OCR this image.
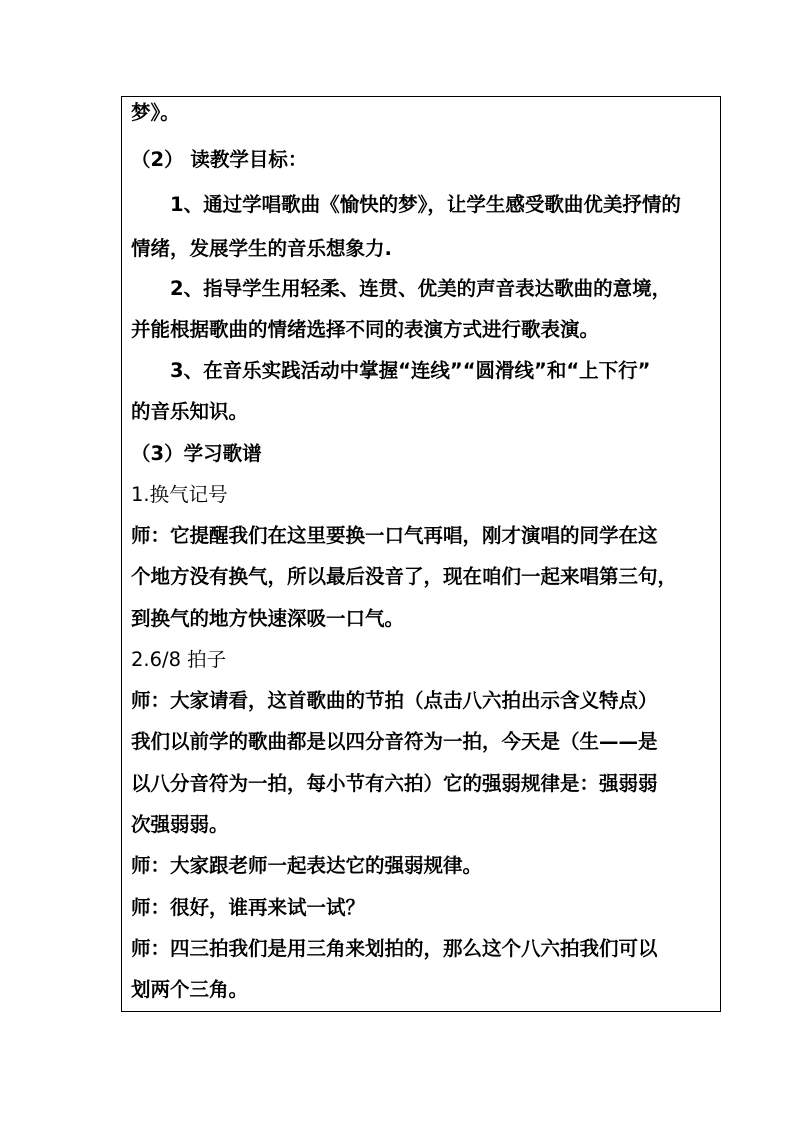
梦》。
（2） 读教学目标：
1、通过学唱歌曲《愉快的梦》，让学生感受歌曲优美抒情的
情绪，发展学生的音乐想象力.
2、指导学生用轻柔、连贯、优美的声音表达歌曲的意境，
并能根据歌曲的情绪选择不同的表演方式进行歌表演。
3、在音乐实践活动中掌握“连线”“圆滑线”和“上下行”
的音乐知识。
（3）学习歌谱
1.换气记号
师：它提醒我们在这里要换一口气再唱，刚才演唱的同学在这
个地方没有换气，所以最后没音了，现在咱们一起来唱第三句，
到换气的地方快速深吸一口气。
2.6/8 拍子
师：大家请看，这首歌曲的节拍（点击八六拍出示含义特点）
我们以前学的歌曲都是以四分音符为一拍，今天是（生——是
以八分音符为一拍，每小节有六拍）它的强弱规律是：强弱弱
次强弱弱。
师：大家跟老师一起表达它的强弱规律。
师：很好，谁再来试一试？
师：四三拍我们是用三角来划拍的，那么这个八六拍我们可以
划两个三角。
